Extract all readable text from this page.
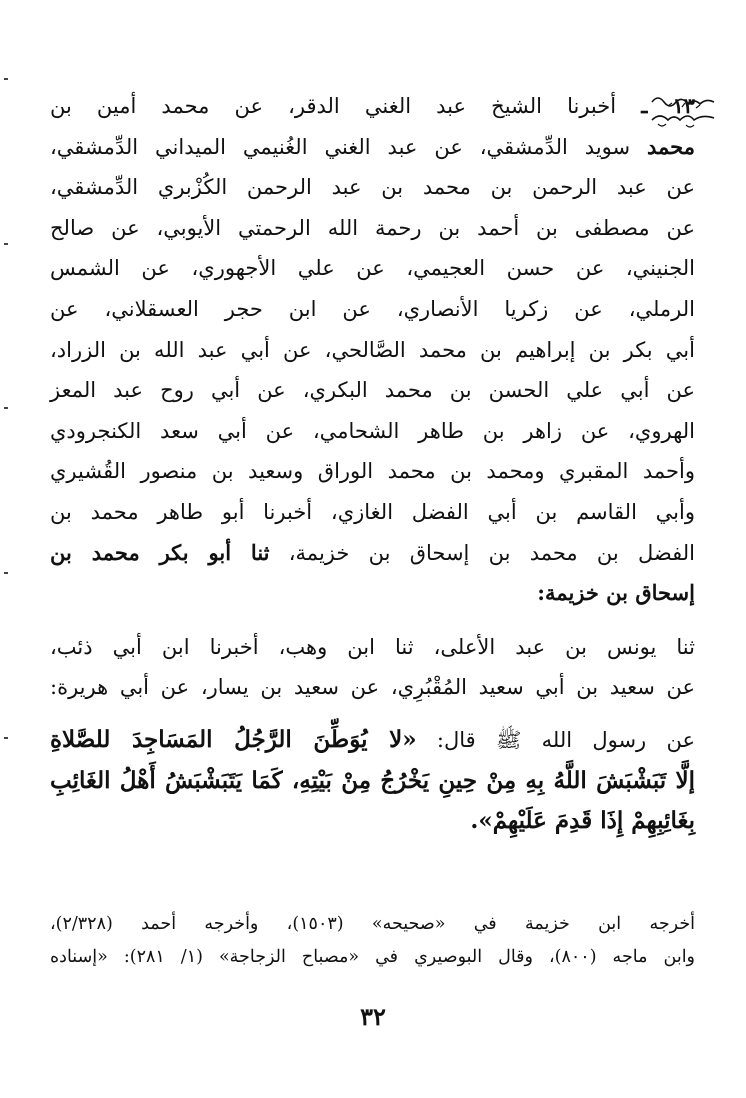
١٣ ـ أخبرنا الشيخ عبد الغني الدقر، عن محمد أمين بن

محمد سويد الدِّمشقي، عن عبد الغني الغُنيمي الميداني الدِّمشقي،

عن عبد الرحمن بن محمد بن عبد الرحمن الكُزْبري الدِّمشقي،

عن مصطفى بن أحمد بن رحمة الله الرحمتي الأيوبي، عن صالح

الجنيني، عن حسن العجيمي، عن علي الأجهوري، عن الشمس

الرملي، عن زكريا الأنصاري، عن ابن حجر العسقلاني، عن

أبي بكر بن إبراهيم بن محمد الصَّالحي، عن أبي عبد الله بن الزراد،

عن أبي علي الحسن بن محمد البكري، عن أبي روح عبد المعز

الهروي، عن زاهر بن طاهر الشحامي، عن أبي سعد الكنجرودي

وأحمد المقبري ومحمد بن محمد الوراق وسعيد بن منصور القُشيري

وأبي القاسم بن أبي الفضل الغازي، أخبرنا أبو طاهر محمد بن

الفضل بن محمد بن إسحاق بن خزيمة، ثنا أبو بكر محمد بن

إسحاق بن خزيمة:

ثنا يونس بن عبد الأعلى، ثنا ابن وهب، أخبرنا ابن أبي ذئب،

عن سعيد بن أبي سعيد المُقْبُرِي، عن سعيد بن يسار، عن أبي هريرة:

عن رسول الله ﷺ قال: «لا يُوَطِّنَ الرَّجُلُ المَسَاجِدَ للصَّلاةِ

إلَّا تَبَشْبَشَ اللَّهُ بِهِ مِنْ حِينِ يَخْرُجُ مِنْ بَيْتِهِ، كَمَا يَتَبَشْبَشُ أَهْلُ الغَائِبِ

بِغَائِبِهِمْ إِذَا قَدِمَ عَلَيْهِمْ».

أخرجه ابن خزيمة في «صحيحه» (١٥٠٣)، وأخرجه أحمد (٢/٣٢٨)،

وابن ماجه (٨٠٠)، وقال البوصيري في «مصباح الزجاجة» (١/ ٢٨١): «إسناده

٣٢
